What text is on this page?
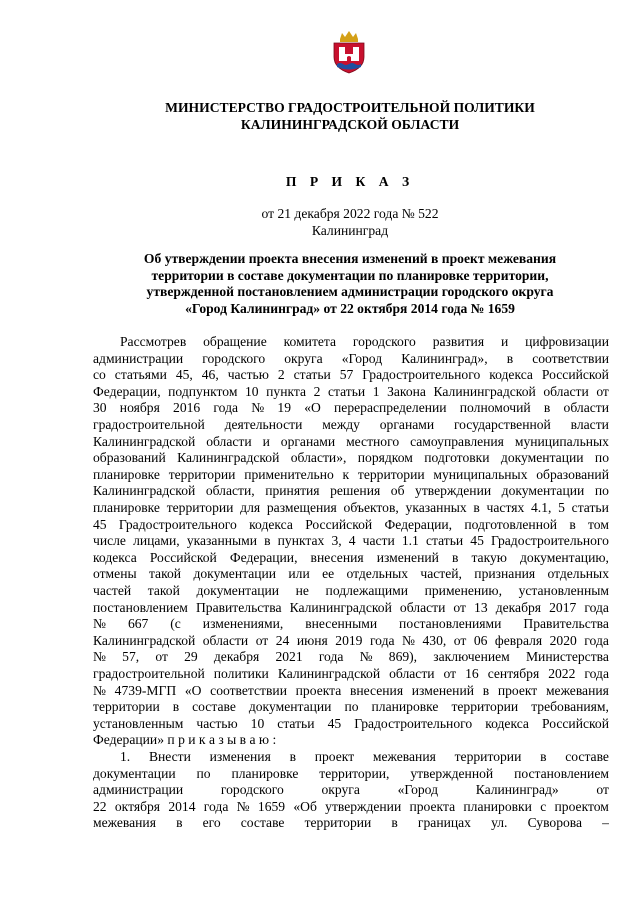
МИНИСТЕРСТВО ГРАДОСТРОИТЕЛЬНОЙ ПОЛИТИКИ
КАЛИНИНГРАДСКОЙ ОБЛАСТИ
П Р И К А З
от 21 декабря 2022 года № 522
Калининград
Об утверждении проекта внесения изменений в проект межевания
территории в составе документации по планировке территории,
утвержденной постановлением администрации городского округа
«Город Калининград» от 22 октября 2014 года № 1659
Рассмотрев обращение комитета городского развития и цифровизации
администрации городского округа «Город Калининград», в соответствии
со статьями 45, 46, частью 2 статьи 57 Градостроительного кодекса Российской
Федерации, подпунктом 10 пункта 2 статьи 1 Закона Калининградской области от
30 ноября 2016 года № 19 «О перераспределении полномочий в области
градостроительной деятельности между органами государственной власти
Калининградской области и органами местного самоуправления муниципальных
образований Калининградской области», порядком подготовки документации по
планировке территории применительно к территории муниципальных образований
Калининградской области, принятия решения об утверждении документации по
планировке территории для размещения объектов, указанных в частях 4.1, 5 статьи
45 Градостроительного кодекса Российской Федерации, подготовленной в том
числе лицами, указанными в пунктах 3, 4 части 1.1 статьи 45 Градостроительного
кодекса Российской Федерации, внесения изменений в такую документацию,
отмены такой документации или ее отдельных частей, признания отдельных
частей такой документации не подлежащими применению, установленным
постановлением Правительства Калининградской области от 13 декабря 2017 года
№ 667 (с изменениями, внесенными постановлениями Правительства
Калининградской области от 24 июня 2019 года № 430, от 06 февраля 2020 года
№ 57, от 29 декабря 2021 года № 869), заключением Министерства
градостроительной политики Калининградской области от 16 сентября 2022 года
№ 4739-МГП «О соответствии проекта внесения изменений в проект межевания
территории в составе документации по планировке территории требованиям,
установленным частью 10 статьи 45 Градостроительного кодекса Российской
Федерации» п р и к а з ы в а ю :
1. Внести изменения в проект межевания территории в составе
документации по планировке территории, утвержденной постановлением
администрации	городского	округа	«Город	Калининград»	от
22 октября 2014 года № 1659 «Об утверждении проекта планировки с проектом
межевания в его составе территории в границах ул. Суворова –
